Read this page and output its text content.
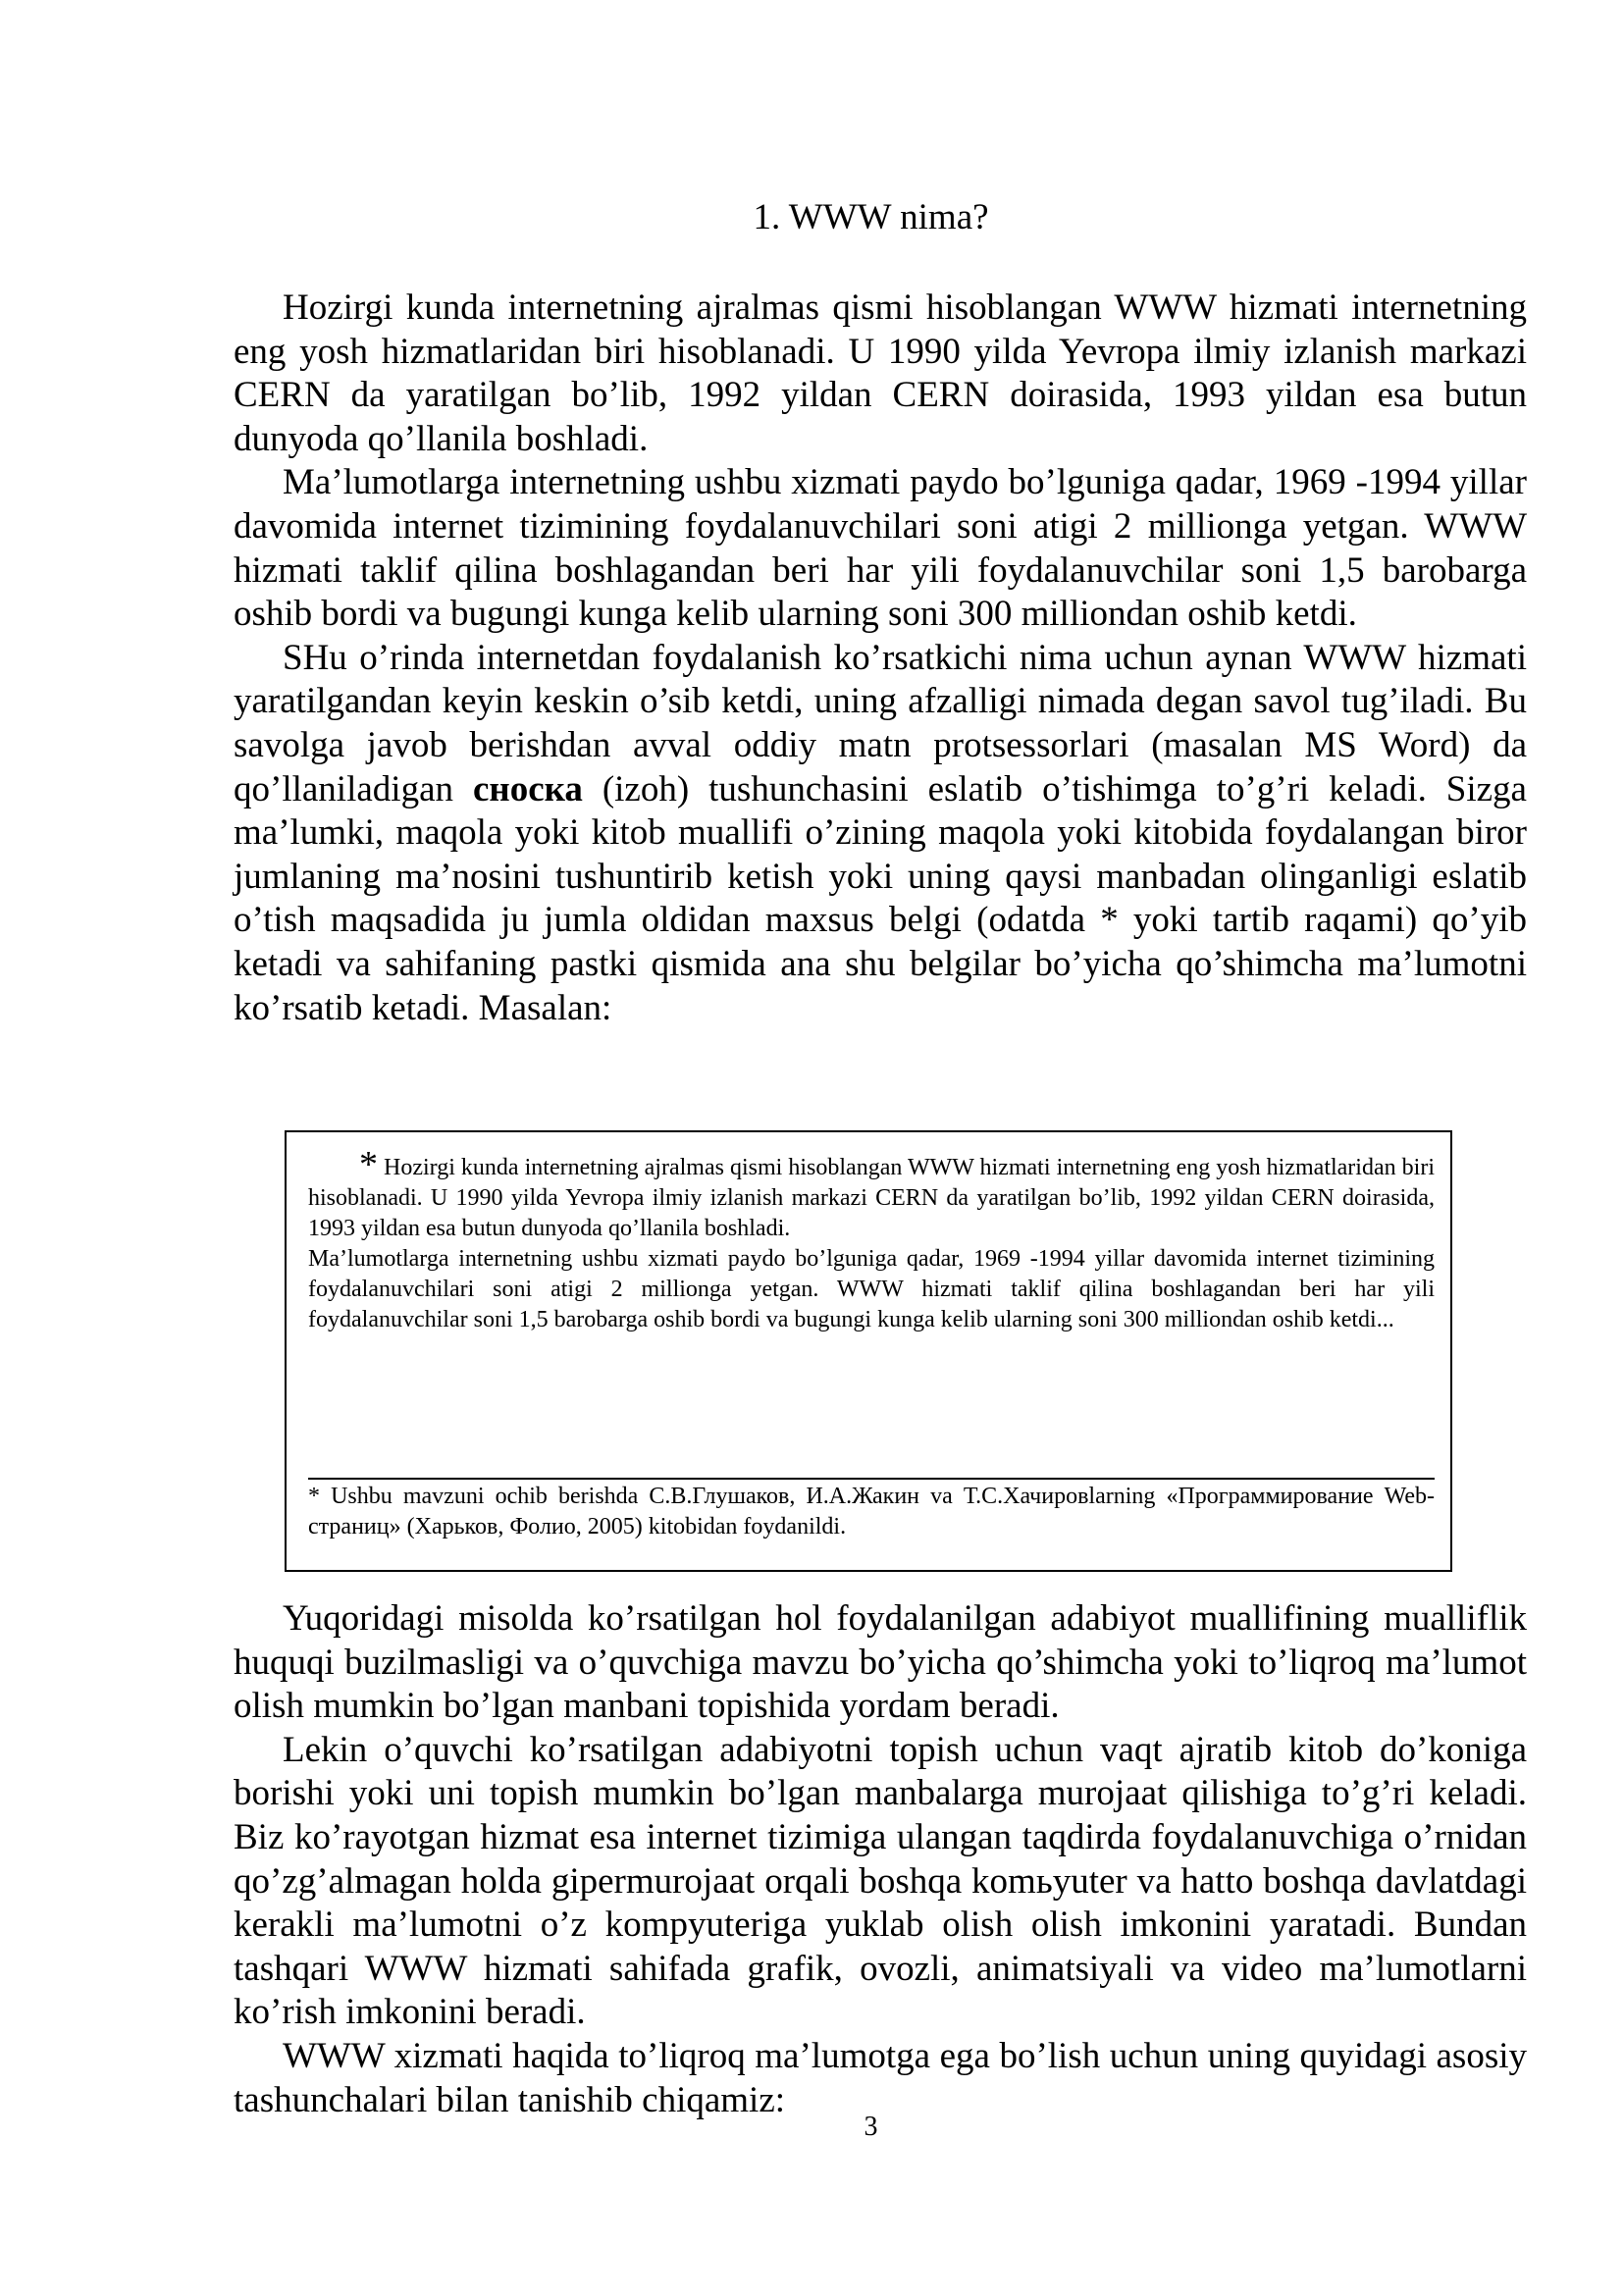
1. WWW nima?

Hozirgi kunda internetning ajralmas qismi hisoblangan WWW hizmati internetning eng yosh hizmatlaridan biri hisoblanadi. U 1990 yilda Yevropa ilmiy izlanish markazi CERN da yaratilgan bo’lib, 1992 yildan CERN doirasida, 1993 yildan esa butun dunyoda qo’llanila boshladi.

Ma’lumotlarga internetning ushbu xizmati paydo bo’lguniga qadar, 1969 -1994 yillar davomida internet tizimining foydalanuvchilari soni atigi 2 millionga yetgan. WWW hizmati taklif qilina boshlagandan beri har yili foydalanuvchilar soni 1,5 barobarga oshib bordi va bugungi kunga kelib ularning soni 300 milliondan oshib ketdi.

SHu o’rinda internetdan foydalanish ko’rsatkichi nima uchun aynan WWW hizmati yaratilgandan keyin keskin o’sib ketdi, uning afzalligi nimada degan savol tug’iladi. Bu savolga javob berishdan avval oddiy matn protsessorlari (masalan MS Word) da qo’llaniladigan сноска (izoh) tushunchasini eslatib o’tishimga to’g’ri keladi. Sizga ma’lumki, maqola yoki kitob muallifi o’zining maqola yoki kitobida foydalangan biror jumlaning ma’nosini tushuntirib ketish yoki uning qaysi manbadan olinganligi eslatib o’tish maqsadida ju jumla oldidan maxsus belgi (odatda * yoki tartib raqami) qo’yib ketadi va sahifaning pastki qismida ana shu belgilar bo’yicha qo’shimcha ma’lumotni ko’rsatib ketadi. Masalan:

* Hozirgi kunda internetning ajralmas qismi hisoblangan WWW hizmati internetning eng yosh hizmatlaridan biri hisoblanadi. U 1990 yilda Yevropa ilmiy izlanish markazi CERN da yaratilgan bo’lib, 1992 yildan CERN doirasida, 1993 yildan esa butun dunyoda qo’llanila boshladi.

Ma’lumotlarga internetning ushbu xizmati paydo bo’lguniga qadar, 1969 -1994 yillar davomida internet tizimining foydalanuvchilari soni atigi 2 millionga yetgan. WWW hizmati taklif qilina boshlagandan beri har yili foydalanuvchilar soni 1,5 barobarga oshib bordi va bugungi kunga kelib ularning soni 300 milliondan oshib ketdi...

* Ushbu mavzuni ochib berishda С.В.Глушаков, И.А.Жакин va Т.С.Хачировlarning «Программирование Web-страниц» (Харьков, Фолио, 2005) kitobidan foydanildi.

Yuqoridagi misolda ko’rsatilgan hol foydalanilgan adabiyot muallifining mualliflik huquqi buzilmasligi va o’quvchiga mavzu bo’yicha qo’shimcha yoki to’liqroq ma’lumot olish mumkin bo’lgan manbani topishida yordam beradi.

Lekin o’quvchi ko’rsatilgan adabiyotni topish uchun vaqt ajratib kitob do’koniga borishi yoki uni topish mumkin bo’lgan manbalarga murojaat qilishiga to’g’ri keladi. Biz ko’rayotgan hizmat esa internet tizimiga ulangan taqdirda foydalanuvchiga o’rnidan qo’zg’almagan holda gipermurojaat orqali boshqa komьyuter va hatto boshqa davlatdagi kerakli ma’lumotni o’z kompyuteriga yuklab olish olish imkonini yaratadi. Bundan tashqari WWW hizmati sahifada grafik, ovozli, animatsiyali va video ma’lumotlarni ko’rish imkonini beradi.

WWW xizmati haqida to’liqroq ma’lumotga ega bo’lish uchun uning quyidagi asosiy tashunchalari bilan tanishib chiqamiz:

3
